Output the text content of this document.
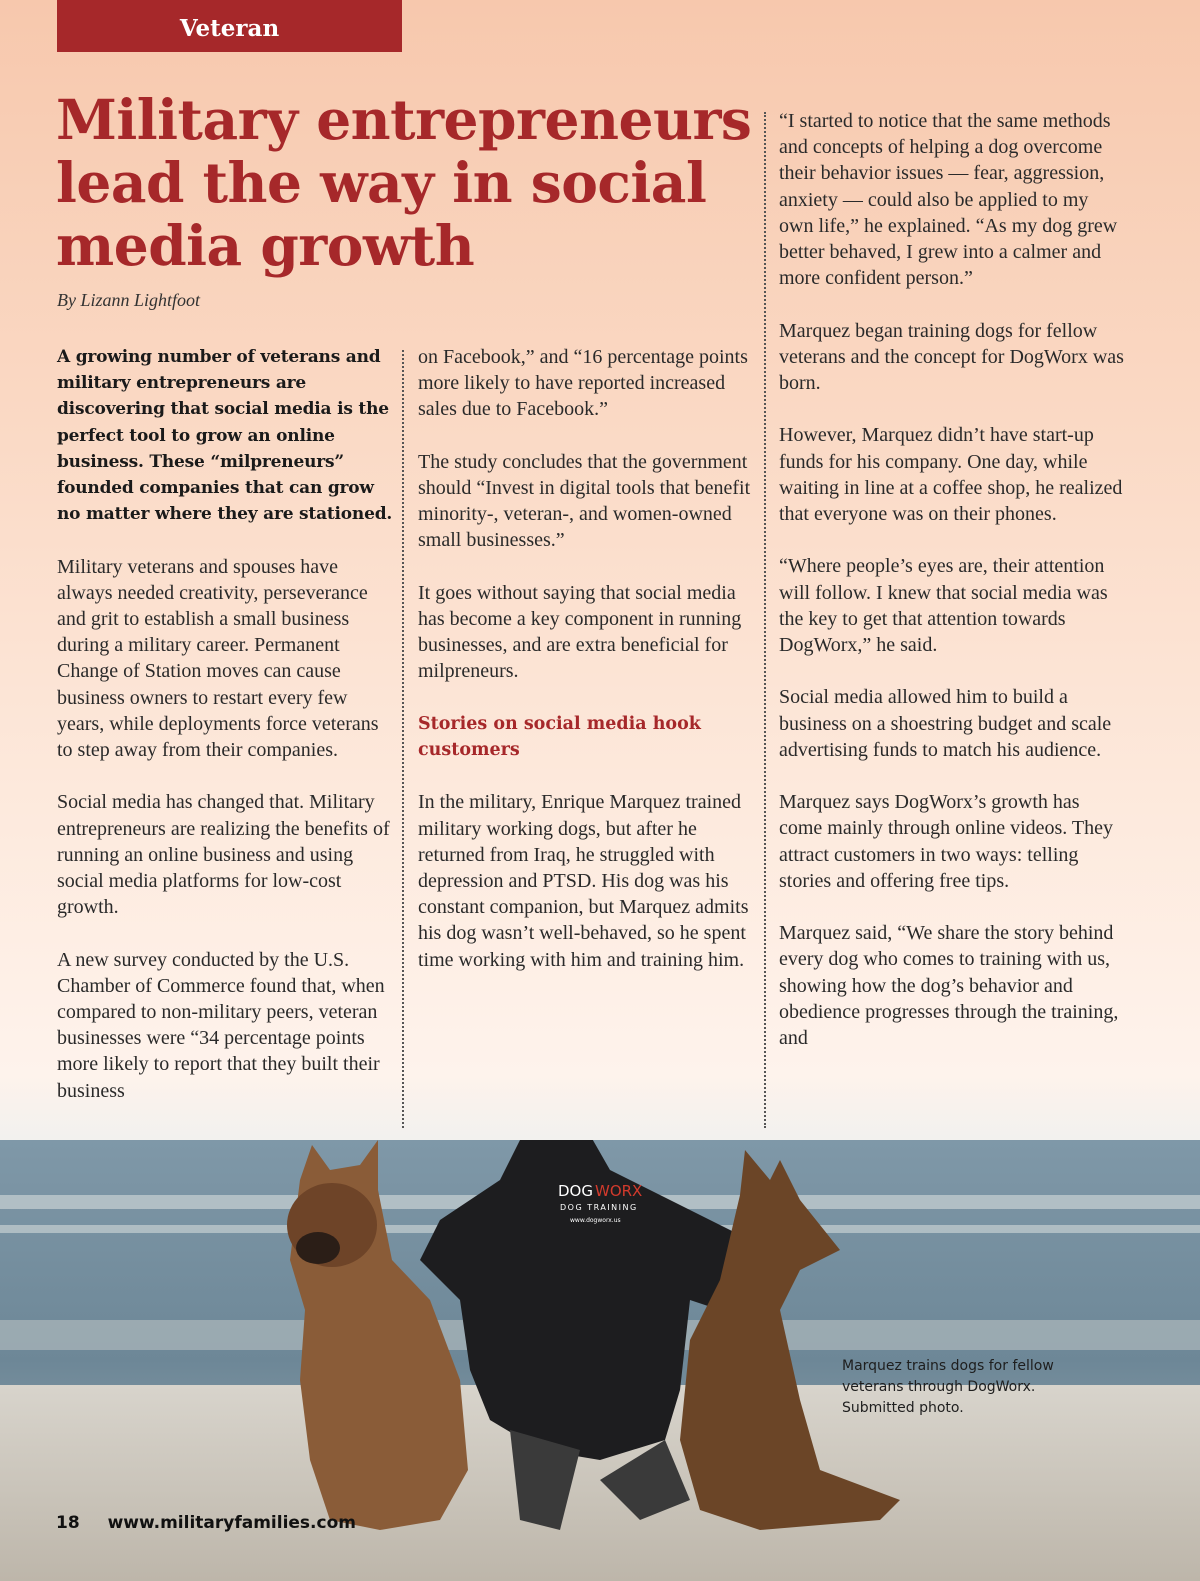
DOG WORX
DOG TRAINING
www.dogworx.us
Veteran
Military entrepreneurs lead the way in social media growth
By Lizann Lightfoot

A growing number of veterans and military entrepreneurs are discovering that social media is the perfect tool to grow an online business. These “milpreneurs” founded companies that can grow no matter where they are stationed.

Military veterans and spouses have always needed creativity, perseverance and grit to establish a small business during a military career. Permanent Change of Station moves can cause business owners to restart every few years, while deployments force veterans to step away from their companies.

Social media has changed that. Military entrepreneurs are realizing the benefits of running an online business and using social media platforms for low-cost growth.

A new survey conducted by the U.S. Chamber of Commerce found that, when compared to non-military peers, veteran businesses were “34 percentage points more likely to report that they built their business

on Facebook,” and “16 percentage points more likely to have reported increased sales due to Facebook.”

The study concludes that the government should “Invest in digital tools that benefit minority-, veteran-, and women-owned small businesses.”

It goes without saying that social media has become a key component in running businesses, and are extra beneficial for milpreneurs.

Stories on social media hook customers

In the military, Enrique Marquez trained military working dogs, but after he returned from Iraq, he struggled with depression and PTSD. His dog was his constant companion, but Marquez admits his dog wasn’t well-behaved, so he spent time working with him and training him.

“I started to notice that the same methods and concepts of helping a dog overcome their behavior issues — fear, aggression, anxiety — could also be applied to my own life,” he explained. “As my dog grew better behaved, I grew into a calmer and more confident person.”

Marquez began training dogs for fellow veterans and the concept for DogWorx was born.

However, Marquez didn’t have start-up funds for his company. One day, while waiting in line at a coffee shop, he realized that everyone was on their phones.

“Where people’s eyes are, their attention will follow. I knew that social media was the key to get that attention towards DogWorx,” he said.

Social media allowed him to build a business on a shoestring budget and scale advertising funds to match his audience.

Marquez says DogWorx’s growth has come mainly through online videos. They attract customers in two ways: telling stories and offering free tips.

Marquez said, “We share the story behind every dog who comes to training with us, showing how the dog’s behavior and obedience progresses through the training, and

Marquez trains dogs for fellow veterans through DogWorx. Submitted photo.
18 www.militaryfamilies.com
